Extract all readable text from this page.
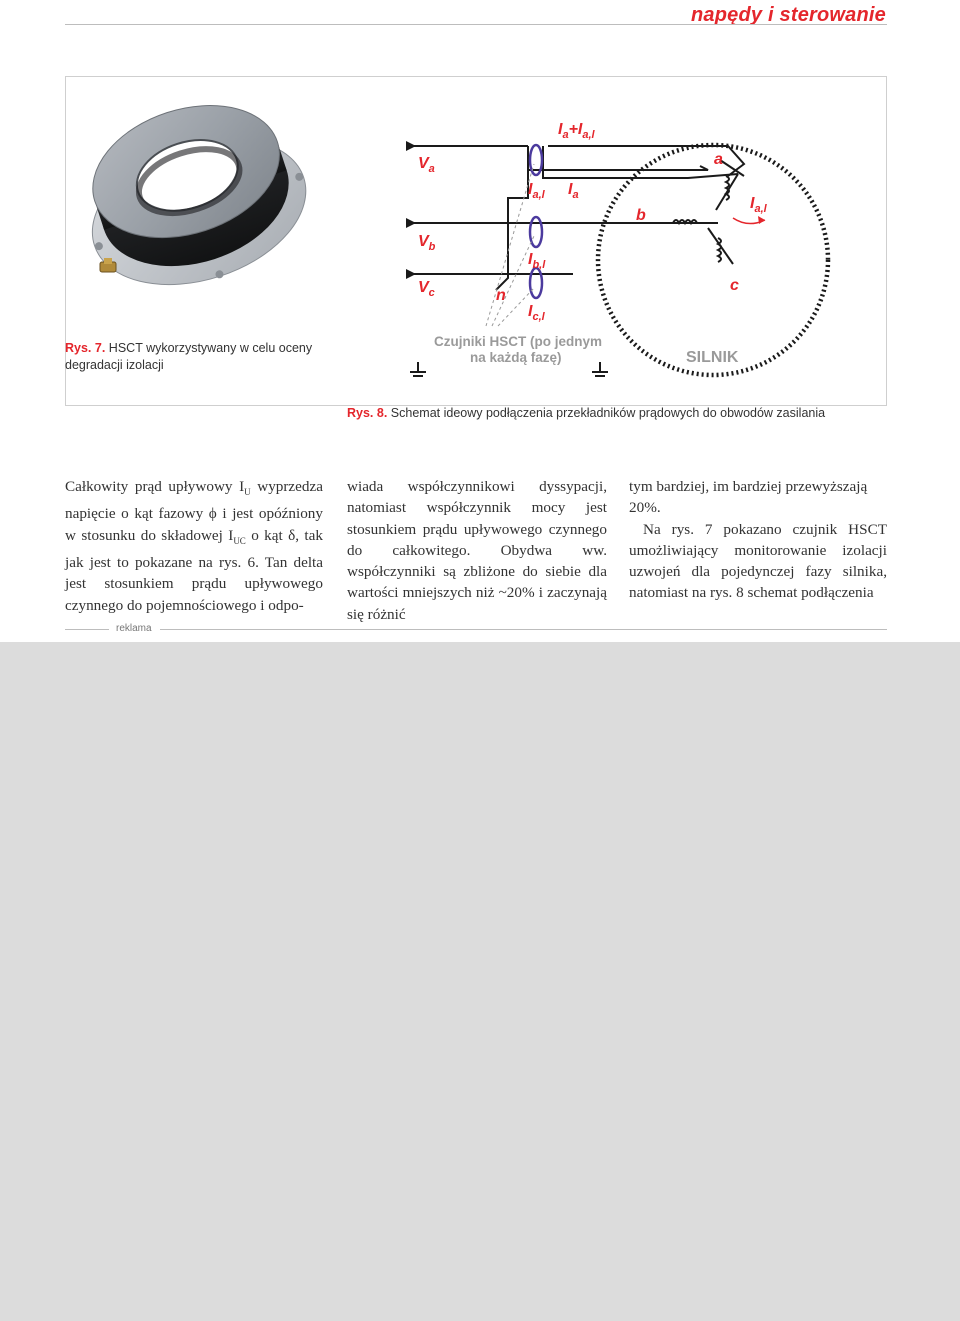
napędy i sterowanie
Rys. 7. HSCT wykorzystywany w celu oceny degradacji izolacji
$V_a$
$V_b$
$V_c$	n
$I_a+I_{a,l}$
$I_{a,l}$ $I_a$
$I_{b,l}$
$I_{c,l}$
$I_{a,l}$
a
b
c
Czujniki HSCT (po jednym
na każdą fazę)	SILNIK
Rys. 8. Schemat ideowy podłączenia przekładników prądowych do obwodów zasilania

Całkowity prąd upływowy $I_U$ wyprzedza napięcie o kąt fazowy ϕ i jest opóźniony w stosunku do składowej $I_{UC}$ o kąt δ, tak jak jest to pokazane na rys. 6. Tan delta jest stosunkiem prądu upływowego czynnego do pojemnościowego i odpo-

wiada współczynnikowi dyssypacji, natomiast współczynnik mocy jest stosunkiem prądu upływowego czynnego do całkowitego. Obydwa ww. współczynniki są zbliżone do siebie dla wartości mniejszych niż ~20% i zaczynają się różnić

tym bardziej, im bardziej przewyższają 20%.

Na rys. 7 pokazano czujnik HSCT umożliwiający monitorowanie izolacji uzwojeń dla pojedynczej fazy silnika, natomiast na rys. 8 schemat podłączenia

reklama
